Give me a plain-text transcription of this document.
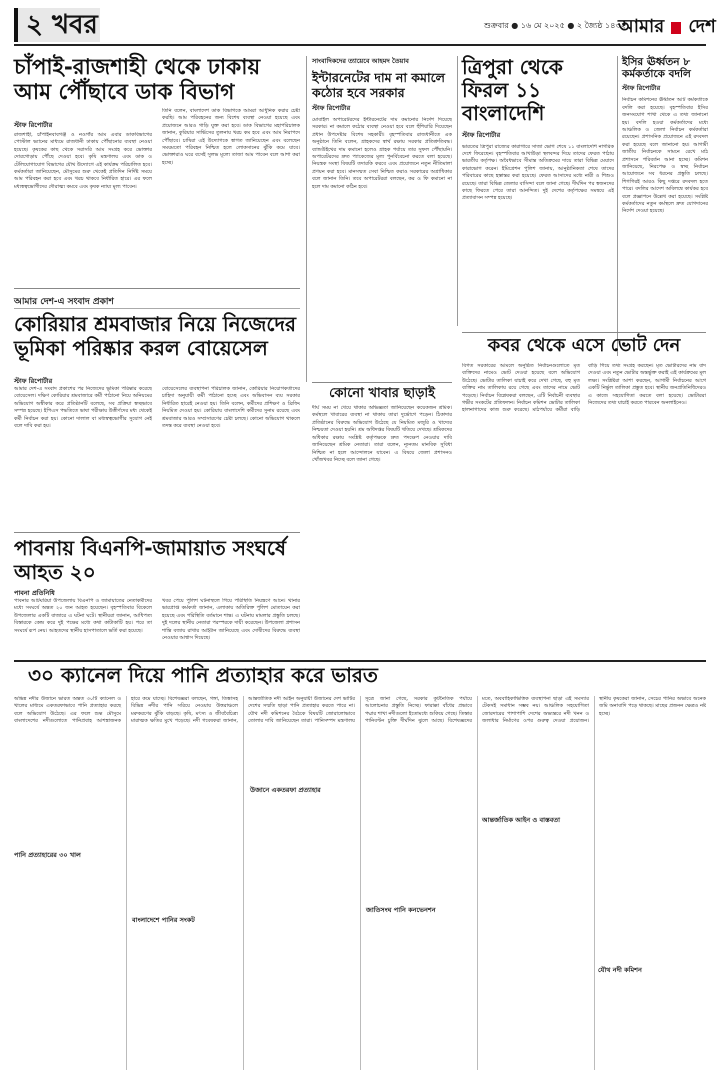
২ খবর	শুক্রবার ● ১৬ মে ২০২৫ ● ২ জ্যৈষ্ঠ ১৪৩২
আমার দেশ
চাঁপাই-রাজশাহী থেকে ঢাকায় আম পৌঁছাবে ডাক বিভাগ
স্টাফ রিপোর্টার
রাজশাহী, চাঁপাইনবাবগঞ্জ ও নওগাঁর আম এবার ডাকবিভাগের পোস্টাল ভ্যানের মাধ্যমে রাজধানী ঢাকায় পৌঁছানোর ব্যবস্থা নেওয়া হয়েছে। কৃষকের কাছ থেকে সরাসরি আম সংগ্রহ করে ভোক্তার দোরগোড়ায় পৌঁছে দেওয়া হবে। কৃষি মন্ত্রণালয় এবং ডাক ও টেলিযোগাযোগ বিভাগের যৌথ উদ্যোগে এই কার্যক্রম পরিচালিত হবে। কর্মকর্তারা জানিয়েছেন, মৌসুমের শুরু থেকেই প্রতিদিন নির্দিষ্ট সময়ে আম পরিবহন করা হবে এবং খরচ থাকবে নির্ধারিত হারে। এর ফলে মধ্যস্বত্বভোগীদের দৌরাত্ম্য কমবে এবং কৃষক ন্যায্য মূল্য পাবেন।
তিনি বলেন, বাংলাদেশ ডাক বিভাগকে আমরা আধুনিক করার চেষ্টা করছি। আম পরিবহনের জন্য বিশেষ ব্যবস্থা নেওয়া হয়েছে এবং প্রয়োজনে আরও গাড়ি যুক্ত করা হবে। ডাক বিভাগের মহাপরিচালক জানান, কুরিয়ার সার্ভিসের তুলনায় খরচ কম হবে এবং আম নিরাপদে পৌঁছাবে। চাষিরা এই উদ্যোগকে স্বাগত জানিয়েছেন এবং বলেছেন সময়মতো পরিবহন নিশ্চিত হলে লোকসানের ঝুঁকি কমে যাবে। ভোক্তারাও ঘরে বসেই সুলভ মূল্যে তাজা আম পাবেন বলে আশা করা হচ্ছে।
সাংবাদিকদের ত্যায়েবে আহমদ তৈয়াব
ইন্টারনেটের দাম না কমালে কঠোর হবে সরকার
স্টাফ রিপোর্টার
মোবাইল অপারেটরদের ইন্টারনেটের দাম কমানোর নির্দেশ দিয়েছে সরকার। না কমালে কঠোর ব্যবস্থা নেওয়া হবে বলে হুঁশিয়ারি দিয়েছেন প্রধান উপদেষ্টার বিশেষ সহকারী। বৃহস্পতিবার রাজধানীতে এক অনুষ্ঠানে তিনি বলেন, গ্রাহকদের স্বার্থ রক্ষায় সরকার প্রতিশ্রুতিবদ্ধ। ব্যান্ডউইথের দাম কমানো হলেও গ্রাহক পর্যায়ে তার সুফল পৌঁছায়নি। অপারেটরদের দ্রুত প্যাকেজের মূল্য পুনর্বিবেচনা করতে বলা হয়েছে। নিয়ন্ত্রক সংস্থা বিষয়টি তদারকি করবে এবং প্রয়োজনে নতুন নীতিমালা প্রণয়ন করা হবে। মানসম্মত সেবা নিশ্চিত করাও সরকারের অগ্রাধিকার বলে জানান তিনি। তবে অপারেটররা বলছেন, কর ও ফি কমানো না হলে দাম কমানো কঠিন হবে।
ত্রিপুরা থেকে ফিরল ১১ বাংলাদেশি
স্টাফ রিপোর্টার
ভারতের ত্রিপুরা রাজ্যের কারাগারে সাজা ভোগ শেষে ১১ বাংলাদেশি নাগরিক দেশে ফিরেছেন। বৃহস্পতিবার আখাউড়া স্থলবন্দর দিয়ে তাদের ফেরত পাঠায় ভারতীয় কর্তৃপক্ষ। অবৈধভাবে সীমান্ত অতিক্রমের দায়ে তারা বিভিন্ন মেয়াদে কারাভোগ করেন। ইমিগ্রেশন পুলিশ জানায়, আনুষ্ঠানিকতা শেষে তাদের পরিবারের কাছে হস্তান্তর করা হয়েছে। ফেরত আসাদের মধ্যে নারী ও শিশুও রয়েছে। তারা বিভিন্ন জেলার বাসিন্দা বলে জানা গেছে। দীর্ঘদিন পর স্বজনদের কাছে ফিরতে পেরে তারা আনন্দিত। দুই দেশের কর্তৃপক্ষের সমন্বয়ে এই প্রত্যাবাসন সম্পন্ন হয়েছে।
ইসির ঊর্ধ্বতন ৮ কর্মকর্তাকে বদলি
স্টাফ রিপোর্টার
নির্বাচন কমিশনের ঊর্ধ্বতন আট কর্মকর্তাকে বদলি করা হয়েছে। বৃহস্পতিবার ইসির জনসংযোগ শাখা থেকে এ তথ্য জানানো হয়। বদলি হওয়া কর্মকর্তাদের মধ্যে আঞ্চলিক ও জেলা নির্বাচন কর্মকর্তারা রয়েছেন। প্রশাসনিক প্রয়োজনে এই রদবদল করা হয়েছে বলে জানানো হয়। আগামী জাতীয় নির্বাচনকে সামনে রেখে মাঠ প্রশাসনে পরিবর্তন আনা হচ্ছে। কমিশন জানিয়েছে, নিরপেক্ষ ও স্বচ্ছ নির্বাচন আয়োজনে সব ধরনের প্রস্তুতি চলছে। শিগগিরই আরও কিছু দপ্তরে রদবদল হতে পারে। বদলির আদেশ অবিলম্বে কার্যকর হবে বলে প্রজ্ঞাপনে উল্লেখ করা হয়েছে। সংশ্লিষ্ট কর্মকর্তাদের নতুন কর্মস্থলে দ্রুত যোগদানের নির্দেশ দেওয়া হয়েছে।
আমার দেশ-এ সংবাদ প্রকাশ
কোরিয়ার শ্রমবাজার নিয়ে নিজেদের ভূমিকা পরিষ্কার করল বোয়েসেল
স্টাফ রিপোর্টার
আমার দেশ-এ সংবাদ প্রকাশের পর নিজেদের ভূমিকা পরিষ্কার করেছে বোয়েসেল। দক্ষিণ কোরিয়ার শ্রমবাজারে কর্মী পাঠানো নিয়ে অনিয়মের অভিযোগ অস্বীকার করে প্রতিষ্ঠানটি বলেছে, সব প্রক্রিয়া স্বচ্ছভাবে সম্পন্ন হয়েছে। ইপিএস পদ্ধতিতে ভাষা পরীক্ষায় উত্তীর্ণদের মধ্য থেকেই কর্মী নির্বাচন করা হয়। কোনো দালাল বা মধ্যস্বত্বভোগীর সুযোগ নেই বলে দাবি করা হয়।
বোয়েসেলের ব্যবস্থাপনা পরিচালক জানান, কোরিয়ার নিয়োগকর্তাদের চাহিদা অনুযায়ী কর্মী পাঠানো হচ্ছে এবং অভিবাসন ব্যয় সরকার নির্ধারিত হারেই নেওয়া হয়। তিনি বলেন, কর্মীদের প্রশিক্ষণ ও ব্রিফিং নিয়মিত দেওয়া হয়। কোরিয়ায় বাংলাদেশি কর্মীদের সুনাম রয়েছে এবং শ্রমবাজার আরও সম্প্রসারণের চেষ্টা চলছে। কোনো অভিযোগ থাকলে তদন্ত করে ব্যবস্থা নেওয়া হবে।
কোনো খাবার ছাড়াই
দীর্ঘ সময় না খেয়ে থাকার অভিজ্ঞতা জানিয়েছেন কয়েকজন শ্রমিক। কর্মস্থলে খাবারের ব্যবস্থা না থাকায় তারা দুর্ভোগে পড়েন। ঠিকাদার প্রতিষ্ঠানের বিরুদ্ধে অভিযোগ উঠেছে যে নিয়মিত মজুরি ও খাদ্যের নিশ্চয়তা দেওয়া হয়নি। শ্রম অধিদপ্তর বিষয়টি খতিয়ে দেখছে। শ্রমিকদের অধিকার রক্ষায় সংশ্লিষ্ট কর্তৃপক্ষকে দ্রুত পদক্ষেপ নেওয়ার দাবি জানিয়েছেন শ্রমিক নেতারা। তারা বলেন, ন্যূনতম মানবিক সুবিধা নিশ্চিত না হলে আন্দোলনে যাবেন। এ বিষয়ে জেলা প্রশাসনও খোঁজখবর নিচ্ছে বলে জানা গেছে।
পাবনায় বিএনপি-জামায়াত সংঘর্ষে আহত ২০
পাবনা প্রতিনিধি
পাবনার আটঘরিয়া উপজেলায় বিএনপি ও জামায়াতের নেতাকর্মীদের মধ্যে সংঘর্ষে অন্তত ২০ জন আহত হয়েছেন। বৃহস্পতিবার বিকেলে উপজেলার একটি বাজারে এ ঘটনা ঘটে। স্থানীয়রা জানান, আধিপত্য বিস্তারকে কেন্দ্র করে দুই পক্ষের মধ্যে কথা কাটাকাটি হয়। পরে তা সংঘর্ষে রূপ নেয়। আহতদের স্থানীয় হাসপাতালে ভর্তি করা হয়েছে।
খবর পেয়ে পুলিশ ঘটনাস্থলে গিয়ে পরিস্থিতি নিয়ন্ত্রণে আনে। থানার ভারপ্রাপ্ত কর্মকর্তা জানান, এলাকায় অতিরিক্ত পুলিশ মোতায়েন করা হয়েছে এবং পরিস্থিতি বর্তমানে শান্ত। এ ঘটনায় মামলার প্রস্তুতি চলছে। দুই দলের স্থানীয় নেতারা পরস্পরকে দায়ী করেছেন। উপজেলা প্রশাসন শান্তি বজায় রাখার আহ্বান জানিয়েছে এবং দোষীদের বিরুদ্ধে ব্যবস্থা নেওয়ার আশ্বাস দিয়েছে।
কবর থেকে এসে ভোট দেন
বিগত সরকারের আমলে অনুষ্ঠিত নির্বাচনগুলোতে মৃত ব্যক্তিদের নামেও ভোট দেওয়া হয়েছে বলে অভিযোগ উঠেছে। ভোটার তালিকা যাচাই করে দেখা গেছে, বহু মৃত ব্যক্তির নাম তালিকায় রয়ে গেছে এবং তাদের নামে ভোট পড়েছে। নির্বাচন বিশ্লেষকরা বলছেন, এটি নির্বাচনী ব্যবস্থার গভীর সংকটের প্রতিফলন। নির্বাচন কমিশন ভোটার তালিকা হালনাগাদের কাজ শুরু করেছে। মাঠপর্যায়ে কর্মীরা বাড়ি বাড়ি গিয়ে তথ্য সংগ্রহ করছেন। মৃত ভোটারদের নাম বাদ দেওয়া এবং নতুন ভোটার অন্তর্ভুক্ত করাই এই কার্যক্রমের মূল লক্ষ্য। সংশ্লিষ্টরা আশা করছেন, আগামী নির্বাচনের আগে একটি নির্ভুল তালিকা প্রস্তুত হবে। স্থানীয় জনপ্রতিনিধিদেরও এ কাজে সহযোগিতা করতে বলা হয়েছে। ভোটাররা নিজেদের তথ্য যাচাই করতে পারবেন অনলাইনেও।
৩০ ক্যানেল দিয়ে পানি প্রত্যাহার করে ভারত
অভিন্ন নদীর উজানে ভারত অন্তত ৩০টি ক্যানেল ও খালের মাধ্যমে একতরফাভাবে পানি প্রত্যাহার করছে বলে অভিযোগ উঠেছে। এর ফলে শুষ্ক মৌসুমে বাংলাদেশের নদীগুলোতে পানিপ্রবাহ আশঙ্কাজনক হারে কমে যাচ্ছে। বিশেষজ্ঞরা বলছেন, গঙ্গা, তিস্তাসহ বিভিন্ন নদীর পানি সরিয়ে নেওয়ায় উত্তরাঞ্চলে মরুকরণের ঝুঁকি বাড়ছে। কৃষি, মৎস্য ও জীববৈচিত্র্য মারাত্মক ক্ষতির মুখে পড়েছে। নদী গবেষকরা জানান, আন্তর্জাতিক নদী আইন অনুযায়ী উজানের দেশ ভাটির দেশের সম্মতি ছাড়া পানি প্রত্যাহার করতে পারে না। যৌথ নদী কমিশনের বৈঠকে বিষয়টি জোরালোভাবে তোলার দাবি জানিয়েছেন তারা। পানিসম্পদ মন্ত্রণালয় সূত্রে জানা গেছে, সরকার কূটনৈতিক পর্যায়ে আলোচনার প্রস্তুতি নিচ্ছে। ফারাক্কা বাঁধের প্রভাবে পদ্মার শাখা নদীগুলো ইতোমধ্যে শুকিয়ে গেছে। তিস্তার পানিবণ্টন চুক্তি দীর্ঘদিন ঝুলে আছে। বিশেষজ্ঞদের মতে, অববাহিকাভিত্তিক ব্যবস্থাপনা ছাড়া এই সমস্যার টেকসই সমাধান সম্ভব নয়। আঞ্চলিক সহযোগিতা জোরদারের পাশাপাশি দেশের অভ্যন্তরে নদী খনন ও জলাধার নির্মাণের ওপর গুরুত্ব দেওয়া প্রয়োজন। স্থানীয় কৃষকেরা জানান, সেচের পানির অভাবে অনেক জমি অনাবাদি পড়ে থাকছে। মাছের প্রজনন ক্ষেত্রও নষ্ট হচ্ছে।
পানি প্রত্যাহারের ৩০ খাল
বাংলাদেশে পানির সংকট
উজানে একতরফা প্রত্যাহার
জাতিসংঘ পানি কনভেনশন
আন্তর্জাতিক আইন ও বাস্তবতা
যৌথ নদী কমিশন
